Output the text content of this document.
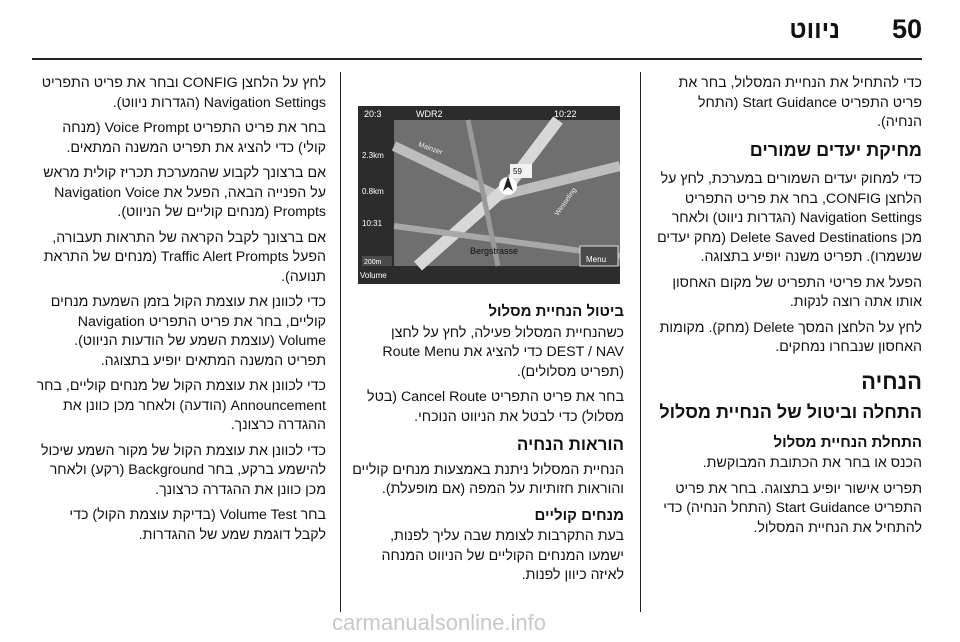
50
ניווט

כדי להתחיל את הנחיית המסלול, בחר את פריט התפריט Start Guidance (התחל הנחיה).

מחיקת יעדים שמורים

כדי למחוק יעדים השמורים במערכת, לחץ על הלחצן CONFIG, בחר את פריט התפריט Navigation Settings (הגדרות ניווט) ולאחר מכן Delete Saved Destinations (מחק יעדים שנשמרו). תפריט משנה יופיע בתצוגה.

הפעל את פריטי התפריט של מקום האחסון אותו אתה רוצה לנקות.

לחץ על הלחצן המסך Delete (מחק). מקומות האחסון שנבחרו נמחקים.

הנחיה
התחלה וביטול של הנחיית מסלול
התחלת הנחיית מסלול

הכנס או בחר את הכתובת המבוקשת.

תפריט אישור יופיע בתצוגה. בחר את פריט התפריט Start Guidance (התחל הנחיה) כדי להתחיל את הנחיית המסלול.

20:3	WDR2	10:22
2.3km
0.8km
10:31
200m
Bergstrasse
Volume
Menu
Mainzer
Wesseling
59
ביטול הנחיית מסלול

כשהנחיית המסלול פעילה, לחץ על לחצן DEST / NAV כדי להציג את Route Menu (תפריט מסלולים).

בחר את פריט התפריט Cancel Route (בטל מסלול) כדי לבטל את הניווט הנוכחי.

הוראות הנחיה

הנחיית המסלול ניתנת באמצעות מנחים קוליים והוראות חזותיות על המפה (אם מופעלת).

מנחים קוליים

בעת התקרבות לצומת שבה עליך לפנות, ישמעו המנחים הקוליים של הניווט המנחה לאיזה כיוון לפנות.

לחץ על הלחצן CONFIG ובחר את פריט התפריט Navigation Settings (הגדרות ניווט).

בחר את פריט התפריט Voice Prompt (מנחה קולי) כדי להציג את תפריט המשנה המתאים.

אם ברצונך לקבוע שהמערכת תכריז קולית מראש על הפנייה הבאה, הפעל את Navigation Voice Prompts (מנחים קוליים של הניווט).

אם ברצונך לקבל הקראה של התראות תעבורה, הפעל Traffic Alert Prompts (מנחים של התראת תנועה).

כדי לכוונן את עוצמת הקול בזמן השמעת מנחים קוליים, בחר את פריט התפריט Navigation Volume (עוצמת השמע של הודעות הניווט). תפריט המשנה המתאים יופיע בתצוגה.

כדי לכוונן את עוצמת הקול של מנחים קוליים, בחר Announcement (הודעה) ולאחר מכן כוונן את ההגדרה כרצונך.

כדי לכוונן את עוצמת הקול של מקור השמע שיכול להישמע ברקע, בחר Background (רקע) ולאחר מכן כוונן את ההגדרה כרצונך.

בחר Volume Test (בדיקת עוצמת הקול) כדי לקבל דוגמת שמע של ההגדרות.

carmanualsonline.info
